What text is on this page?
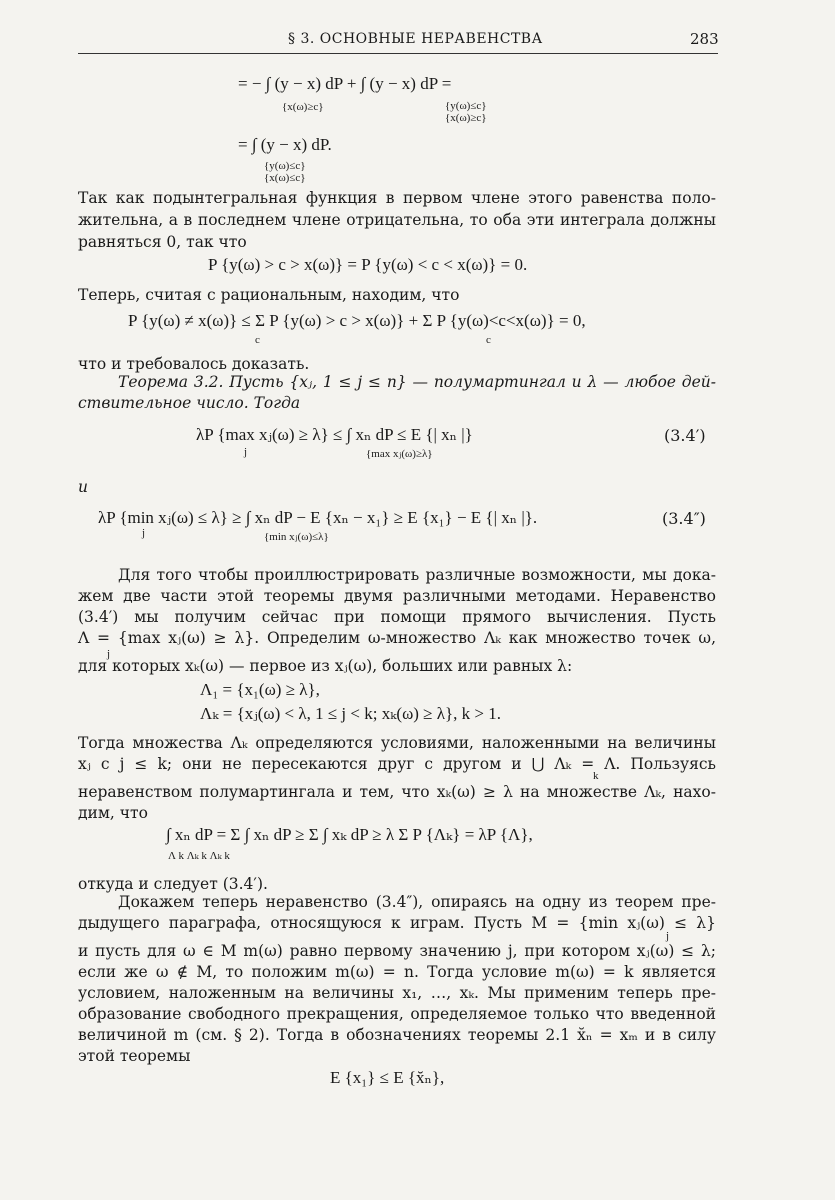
§ 3. ОСНОВНЫЕ НЕРАВЕНСТВА	283
= − ∫ (y − x) dP + ∫ (y − x) dP =
{x(ω)≥c}	{y(ω)≤c}
{x(ω)≥c}
= ∫ (y − x) dP.
{y(ω)≤c}
{x(ω)≤c}
Так как подынтегральная функция в первом члене этого равенства поло-
жительна, а в последнем члене отрицательна, то оба эти интеграла должны
равняться 0, так что
P {y(ω) > c > x(ω)} = P {y(ω) < c < x(ω)} = 0.
Теперь, считая c рациональным, находим, что
P {y(ω) ≠ x(ω)} ≤ Σ P {y(ω) > c > x(ω)} + Σ P {y(ω)<c<x(ω)} = 0,
c	c
что и требовалось доказать.
Теорема 3.2. Пусть {xⱼ, 1 ≤ j ≤ n} — полумартингал и λ — любое дей-
ствительное число. Тогда
λP {max xⱼ(ω) ≥ λ} ≤ ∫ xₙ dP ≤ E {| xₙ |}
j	{max xⱼ(ω)≥λ}
(3.4′)
и
λP {min xⱼ(ω) ≤ λ} ≥ ∫ xₙ dP − E {xₙ − x₁} ≥ E {x₁} − E {| xₙ |}.
j	{min xⱼ(ω)≤λ}
(3.4″)
Для того чтобы проиллюстрировать различные возможности, мы дока-
жем две части этой теоремы двумя различными методами. Неравенство
(3.4′) мы получим сейчас при помощи прямого вычисления. Пусть
Λ = {max xⱼ(ω) ≥ λ}. Определим ω-множество Λₖ как множество точек ω,
j
для которых xₖ(ω) — первое из xⱼ(ω), больших или равных λ:
Λ₁ = {x₁(ω) ≥ λ},
Λₖ = {xⱼ(ω) < λ, 1 ≤ j < k; xₖ(ω) ≥ λ}, k > 1.
Тогда множества Λₖ определяются условиями, наложенными на величины
xⱼ с j ≤ k; они не пересекаются друг с другом и ⋃ Λₖ = Λ. Пользуясь
k
неравенством полумартингала и тем, что xₖ(ω) ≥ λ на множестве Λₖ, нахо-
дим, что
∫ xₙ dP = Σ ∫ xₙ dP ≥ Σ ∫ xₖ dP ≥ λ Σ P {Λₖ} = λP {Λ},
Λ k Λₖ k Λₖ k
откуда и следует (3.4′).
Докажем теперь неравенство (3.4″), опираясь на одну из теорем пре-
дыдущего параграфа, относящуюся к играм. Пусть M = {min xⱼ(ω) ≤ λ}
j
и пусть для ω ∈ M m(ω) равно первому значению j, при котором xⱼ(ω) ≤ λ;
если же ω ∉ M, то положим m(ω) = n. Тогда условие m(ω) = k является
условием, наложенным на величины x₁, …, xₖ. Мы применим теперь пре-
образование свободного прекращения, определяемое только что введенной
величиной m (см. § 2). Тогда в обозначениях теоремы 2.1 x̆ₙ = xₘ и в силу
этой теоремы
E {x₁} ≤ E {x̆ₙ},
